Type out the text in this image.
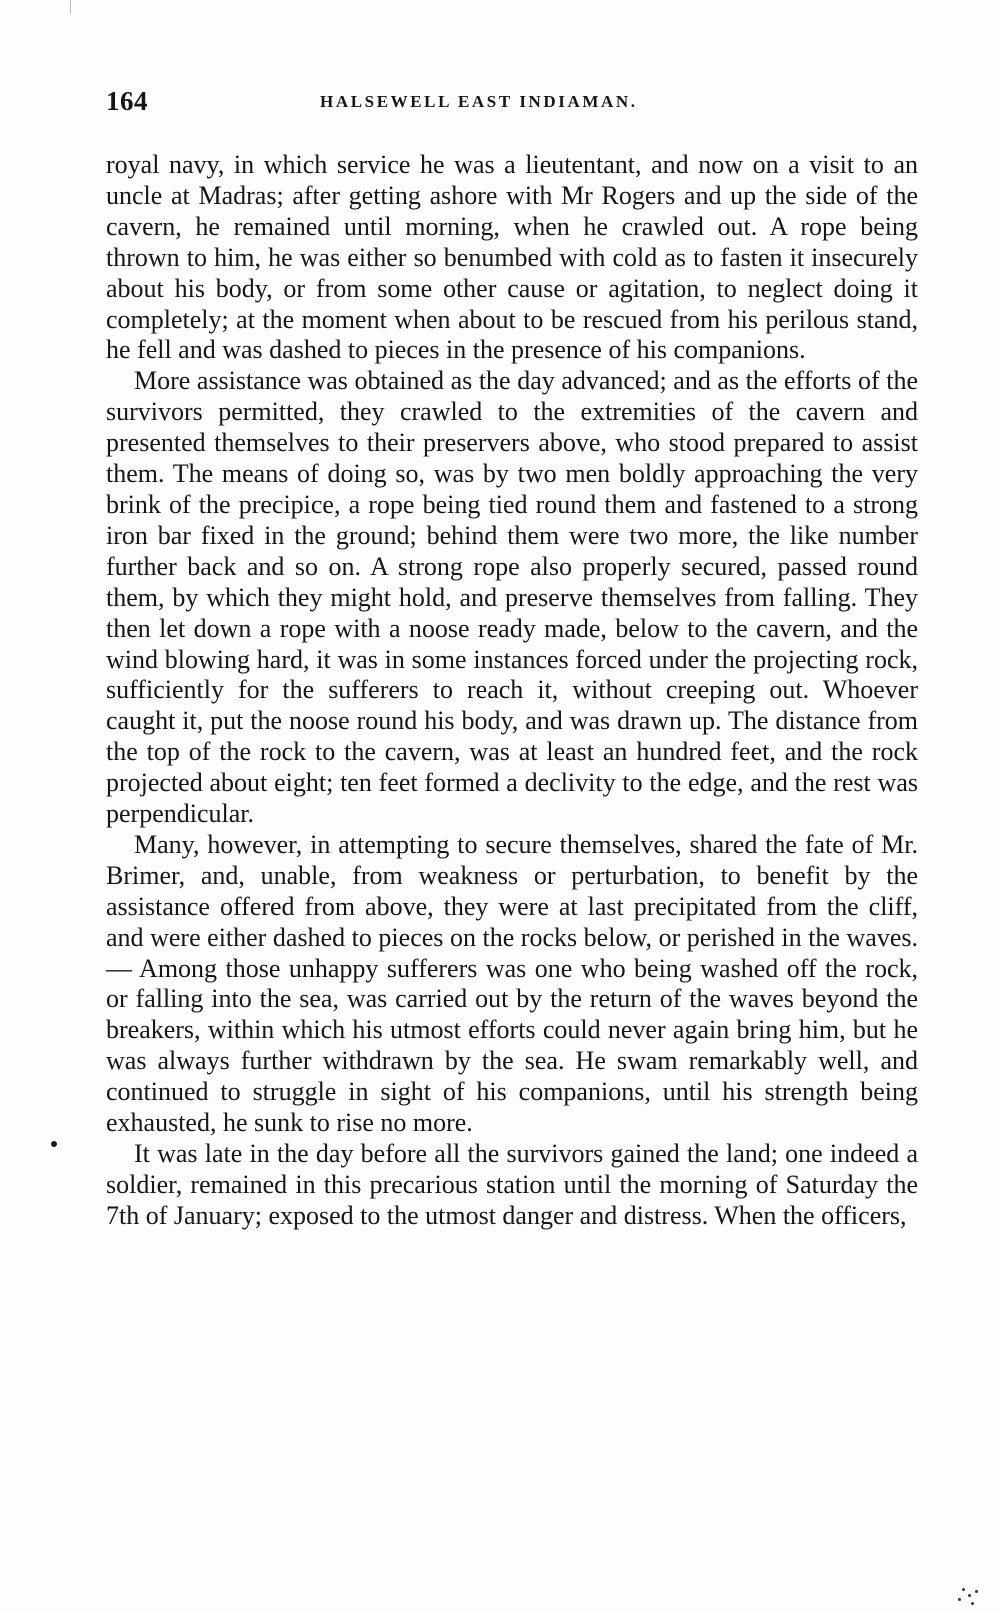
164	HALSEWELL EAST INDIAMAN.

royal navy, in which service he was a lieutentant, and now on a visit to an uncle at Madras; after getting ashore with Mr Rogers and up the side of the cavern, he remained until morning, when he crawled out. A rope being thrown to him, he was either so benumbed with cold as to fasten it insecurely about his body, or from some other cause or agitation, to neglect doing it completely; at the moment when about to be rescued from his perilous stand, he fell and was dashed to pieces in the presence of his companions.

More assistance was obtained as the day advanced; and as the efforts of the survivors permitted, they crawled to the extremities of the cavern and presented themselves to their preservers above, who stood prepared to assist them. The means of doing so, was by two men boldly approaching the very brink of the precipice, a rope being tied round them and fastened to a strong iron bar fixed in the ground; behind them were two more, the like number further back and so on. A strong rope also properly secured, passed round them, by which they might hold, and preserve themselves from falling. They then let down a rope with a noose ready made, below to the cavern, and the wind blowing hard, it was in some instances forced under the projecting rock, sufficiently for the sufferers to reach it, without creeping out. Whoever caught it, put the noose round his body, and was drawn up. The distance from the top of the rock to the cavern, was at least an hundred feet, and the rock projected about eight; ten feet formed a declivity to the edge, and the rest was perpendicular.

Many, however, in attempting to secure themselves, shared the fate of Mr. Brimer, and, unable, from weakness or perturbation, to benefit by the assistance offered from above, they were at last precipitated from the cliff, and were either dashed to pieces on the rocks below, or perished in the waves.— Among those unhappy sufferers was one who being washed off the rock, or falling into the sea, was carried out by the return of the waves beyond the breakers, within which his utmost efforts could never again bring him, but he was always further withdrawn by the sea. He swam remarkably well, and continued to struggle in sight of his companions, until his strength being exhausted, he sunk to rise no more.

It was late in the day before all the survivors gained the land; one indeed a soldier, remained in this precarious station until the morning of Saturday the 7th of January; exposed to the utmost danger and distress. When the officers,
